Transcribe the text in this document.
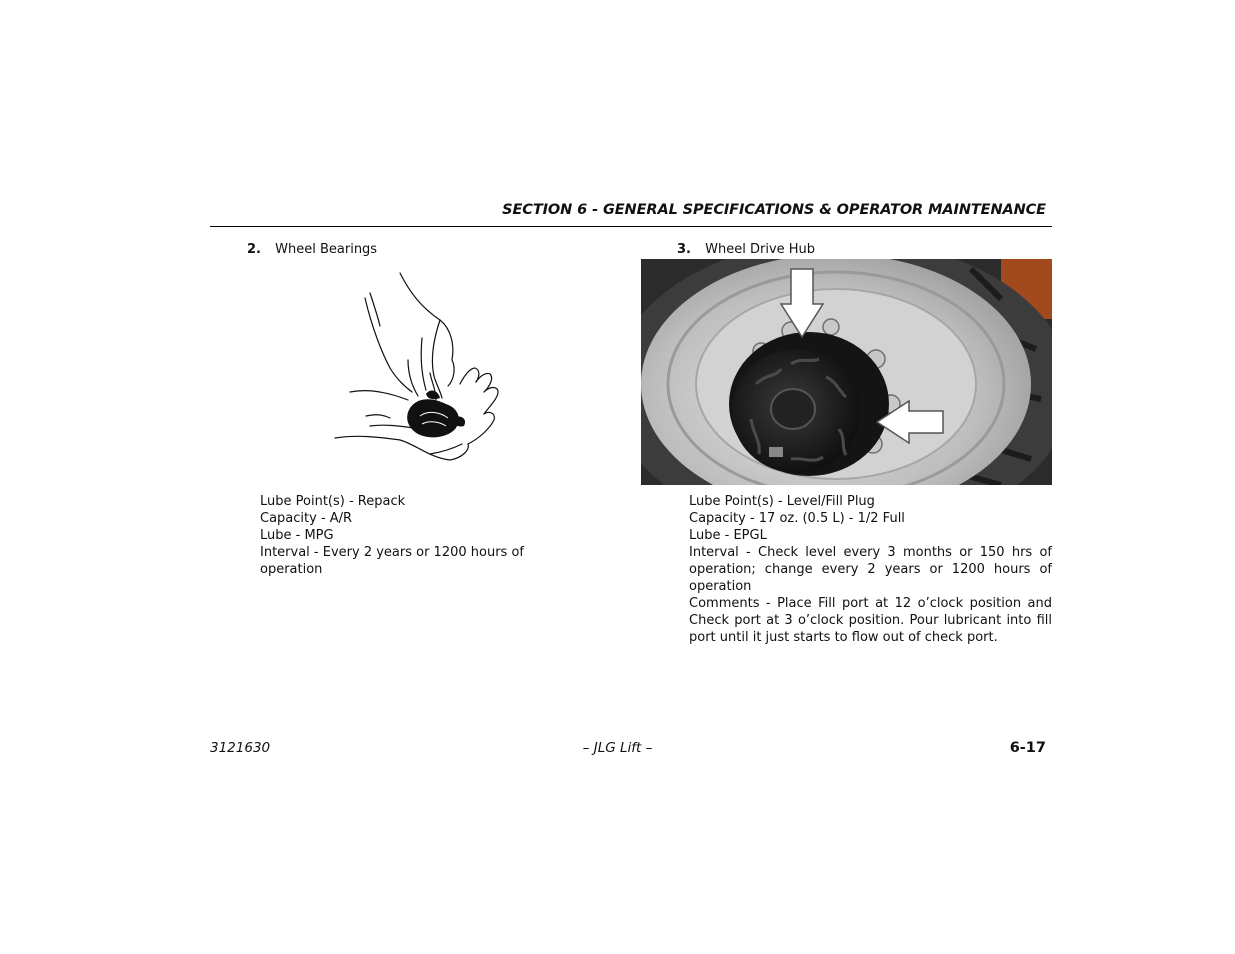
SECTION 6 - GENERAL SPECIFICATIONS & OPERATOR MAINTENANCE
2. Wheel Bearings
Lube Point(s) - Repack
Capacity - A/R
Lube - MPG
Interval - Every 2 years or 1200 hours of operation
3. Wheel Drive Hub
Lube Point(s) - Level/Fill Plug
Capacity - 17 oz. (0.5 L) - 1/2 Full
Lube - EPGL
Interval - Check level every 3 months or 150 hrs of operation; change every 2 years or 1200 hours of operation
Comments - Place Fill port at 12 o’clock position and Check port at 3 o’clock position. Pour lubricant into fill port until it just starts to flow out of check port.
3121630	– JLG Lift –	6-17
